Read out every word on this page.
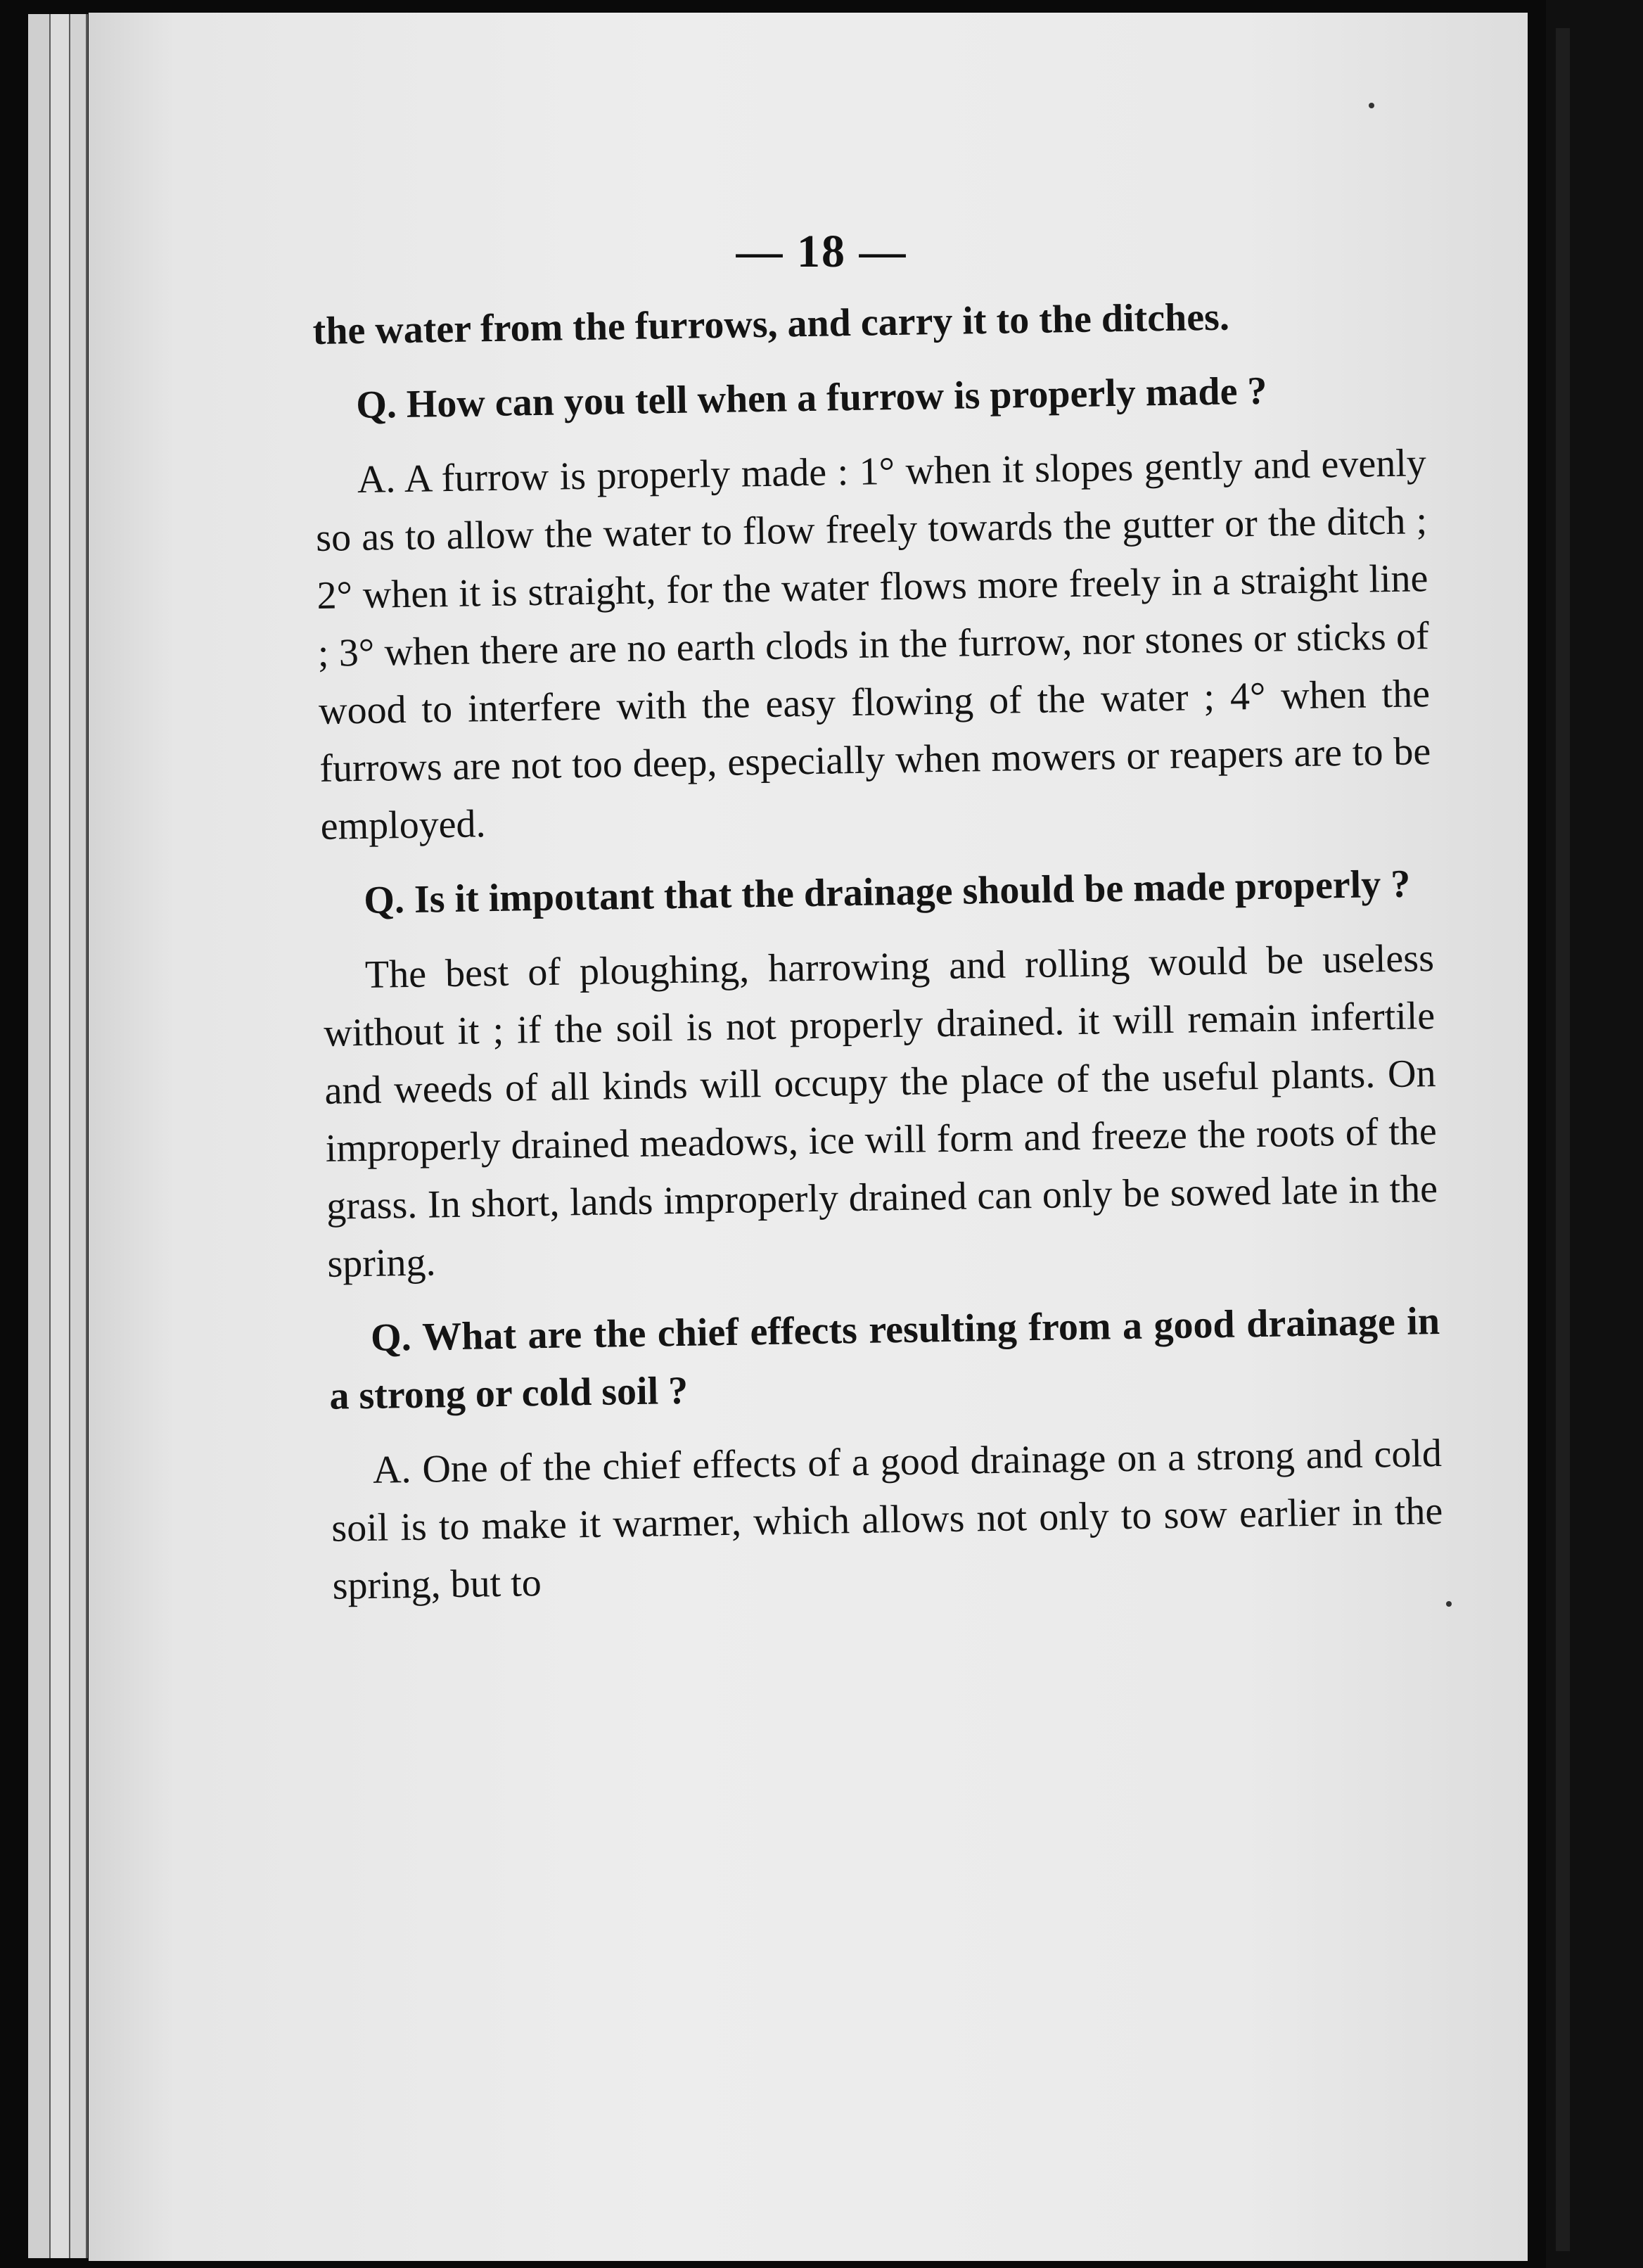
— 18 —

the water from the furrows, and carry it to the ditches.

Q. How can you tell when a furrow is properly made ?

A. A furrow is properly made : 1° when it slopes gently and evenly so as to allow the water to flow freely towards the gutter or the ditch ; 2° when it is straight, for the water flows more freely in a straight line ; 3° when there are no earth clods in the furrow, nor stones or sticks of wood to interfere with the easy flowing of the water ; 4° when the furrows are not too deep, especially when mowers or reapers are to be employed.

Q. Is it impoιtant that the drainage should be made properly ?

The best of ploughing, harrowing and rolling would be useless without it ; if the soil is not properly drained. it will remain infertile and weeds of all kinds will occupy the place of the useful plants. On improperly drained meadows, ice will form and freeze the roots of the grass. In short, lands improperly drained can only be sowed late in the spring.

Q. What are the chief effects resulting from a good drainage in a strong or cold soil ?

A. One of the chief effects of a good drainage on a strong and cold soil is to make it warmer, which allows not only to sow earlier in the spring, but to
